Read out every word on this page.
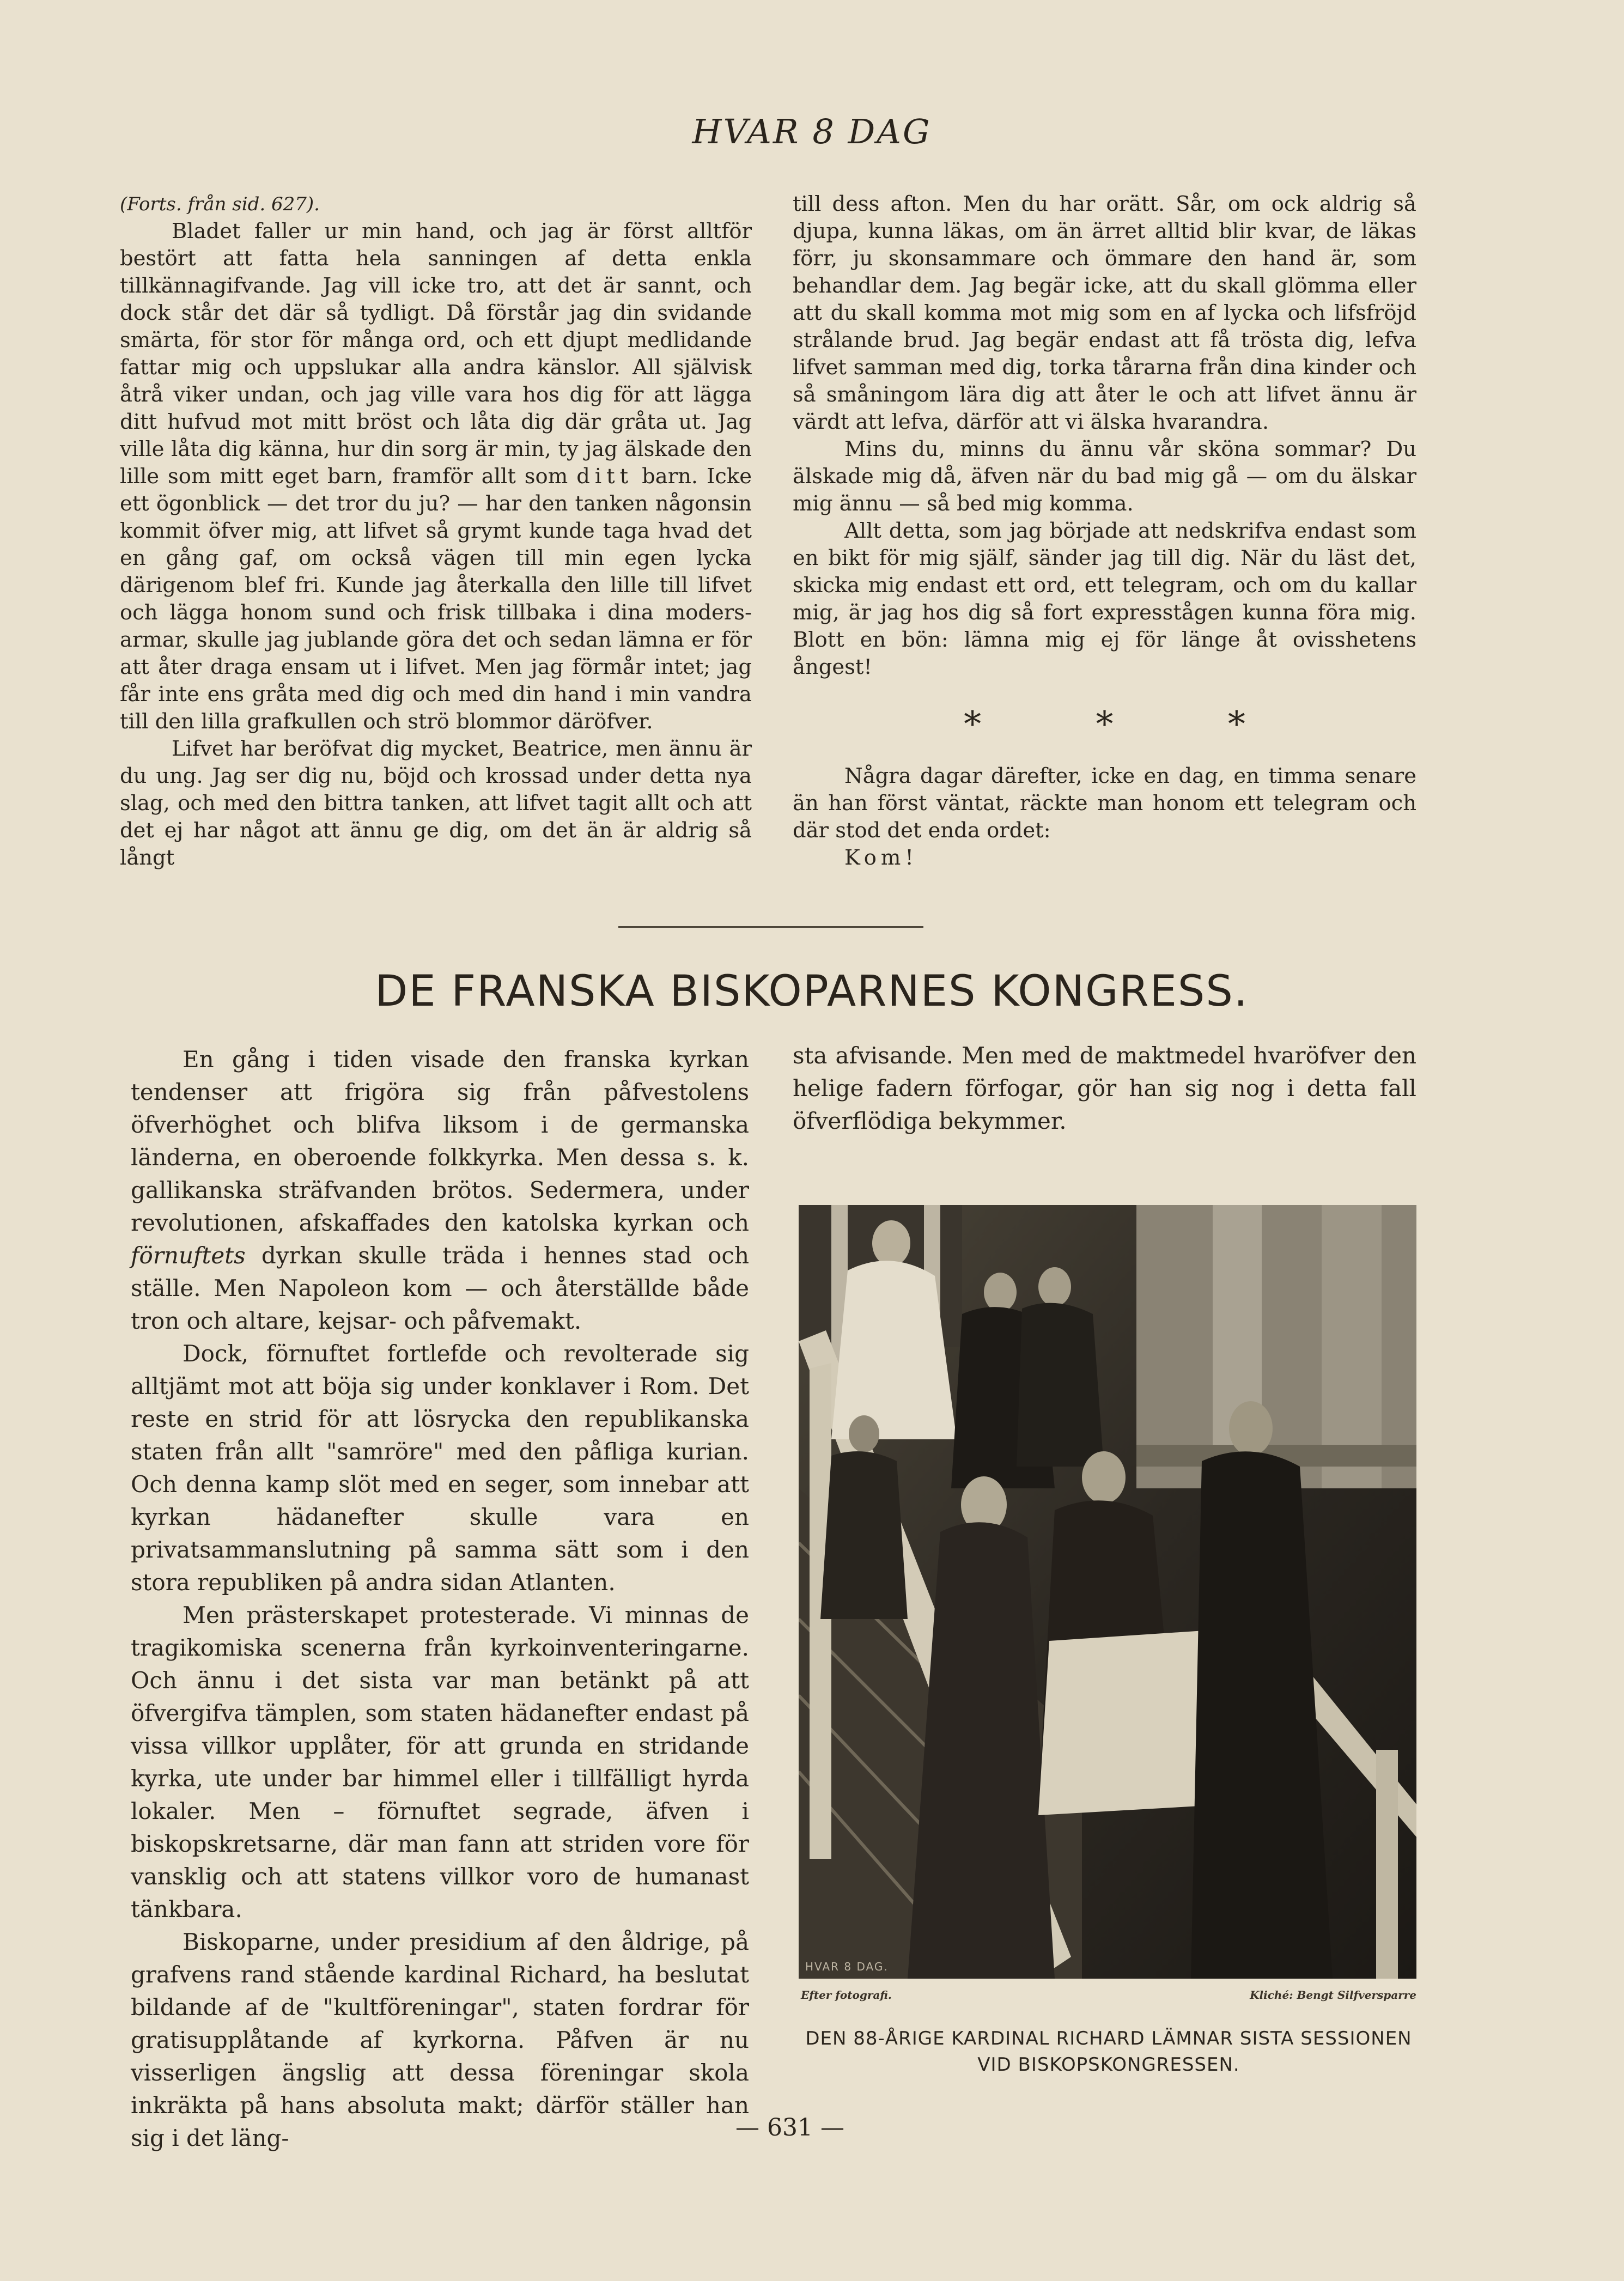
HVAR 8 DAG

(Forts. från sid. 627).

Bladet faller ur min hand, och jag är först alltför bestört att fatta hela sanningen af detta enkla tillkännagifvande. Jag vill icke tro, att det är sannt, och dock står det där så tydligt. Då förstår jag din svidande smärta, för stor för många ord, och ett djupt medlidande fattar mig och uppslukar alla andra känslor. All självisk åtrå viker undan, och jag ville vara hos dig för att lägga ditt hufvud mot mitt bröst och låta dig där gråta ut. Jag ville låta dig känna, hur din sorg är min, ty jag älskade den lille som mitt eget barn, framför allt som ditt barn. Icke ett ögonblick — det tror du ju? — har den tanken någonsin kommit öfver mig, att lifvet så grymt kunde taga hvad det en gång gaf, om också vägen till min egen lycka därigenom blef fri. Kunde jag återkalla den lille till lifvet och lägga honom sund och frisk tillbaka i dina modersarmar, skulle jag jublande göra det och sedan lämna er för att åter draga ensam ut i lifvet. Men jag förmår intet; jag får inte ens gråta med dig och med din hand i min vandra till den lilla grafkullen och strö blommor däröfver.

Lifvet har beröfvat dig mycket, Beatrice, men ännu är du ung. Jag ser dig nu, böjd och krossad under detta nya slag, och med den bittra tanken, att lifvet tagit allt och att det ej har något att ännu ge dig, om det än är aldrig så långt

till dess afton. Men du har orätt. Sår, om ock aldrig så djupa, kunna läkas, om än ärret alltid blir kvar, de läkas förr, ju skonsammare och ömmare den hand är, som behandlar dem. Jag begär icke, att du skall glömma eller att du skall komma mot mig som en af lycka och lifsfröjd strålande brud. Jag begär endast att få trösta dig, lefva lifvet samman med dig, torka tårarna från dina kinder och så småningom lära dig att åter le och att lifvet ännu är värdt att lefva, därför att vi älska hvarandra.

Mins du, minns du ännu vår sköna sommar? Du älskade mig då, äfven när du bad mig gå — om du älskar mig ännu — så bed mig komma.

Allt detta, som jag började att nedskrifva endast som en bikt för mig själf, sänder jag till dig. När du läst det, skicka mig endast ett ord, ett telegram, och om du kallar mig, är jag hos dig så fort expresstågen kunna föra mig. Blott en bön: lämna mig ej för länge åt ovisshetens ångest!

* * *

Några dagar därefter, icke en dag, en timma senare än han först väntat, räckte man honom ett telegram och där stod det enda ordet:

Kom!

DE FRANSKA BISKOPARNES KONGRESS.

En gång i tiden visade den franska kyrkan tendenser att frigöra sig från påfvestolens öfverhöghet och blifva liksom i de germanska länderna, en oberoende folkkyrka. Men dessa s. k. gallikanska sträfvanden brötos. Sedermera, under revolutionen, afskaffades den katolska kyrkan och förnuftets dyrkan skulle träda i hennes stad och ställe. Men Napoleon kom — och återställde både tron och altare, kejsar- och påfvemakt.

Dock, förnuftet fortlefde och revolterade sig alltjämt mot att böja sig under konklaver i Rom. Det reste en strid för att lösrycka den republikanska staten från allt "samröre" med den påfliga kurian. Och denna kamp slöt med en seger, som innebar att kyrkan hädanefter skulle vara en privatsammanslutning på samma sätt som i den stora republiken på andra sidan Atlanten.

Men prästerskapet protesterade. Vi minnas de tragikomiska scenerna från kyrkoinventeringarne. Och ännu i det sista var man betänkt på att öfvergifva tämplen, som staten hädanefter endast på vissa villkor upplåter, för att grunda en stridande kyrka, ute under bar himmel eller i tillfälligt hyrda lokaler. Men – förnuftet segrade, äfven i biskopskretsarne, där man fann att striden vore för vansklig och att statens villkor voro de humanast tänkbara.

Biskoparne, under presidium af den åldrige, på grafvens rand stående kardinal Richard, ha beslutat bildande af de "kultföreningar", staten fordrar för gratisupplåtande af kyrkorna. Påfven är nu visserligen ängslig att dessa föreningar skola inkräkta på hans absoluta makt; därför ställer han sig i det läng-

sta afvisande. Men med de maktmedel hvaröfver den helige fadern förfogar, gör han sig nog i detta fall öfverflödiga bekymmer.

HVAR 8 DAG.
Efter fotografi.	Kliché: Bengt Silfversparre
DEN 88-ÅRIGE KARDINAL RICHARD LÄMNAR SISTA SESSIONEN VID BISKOPSKONGRESSEN.
— 631 —
